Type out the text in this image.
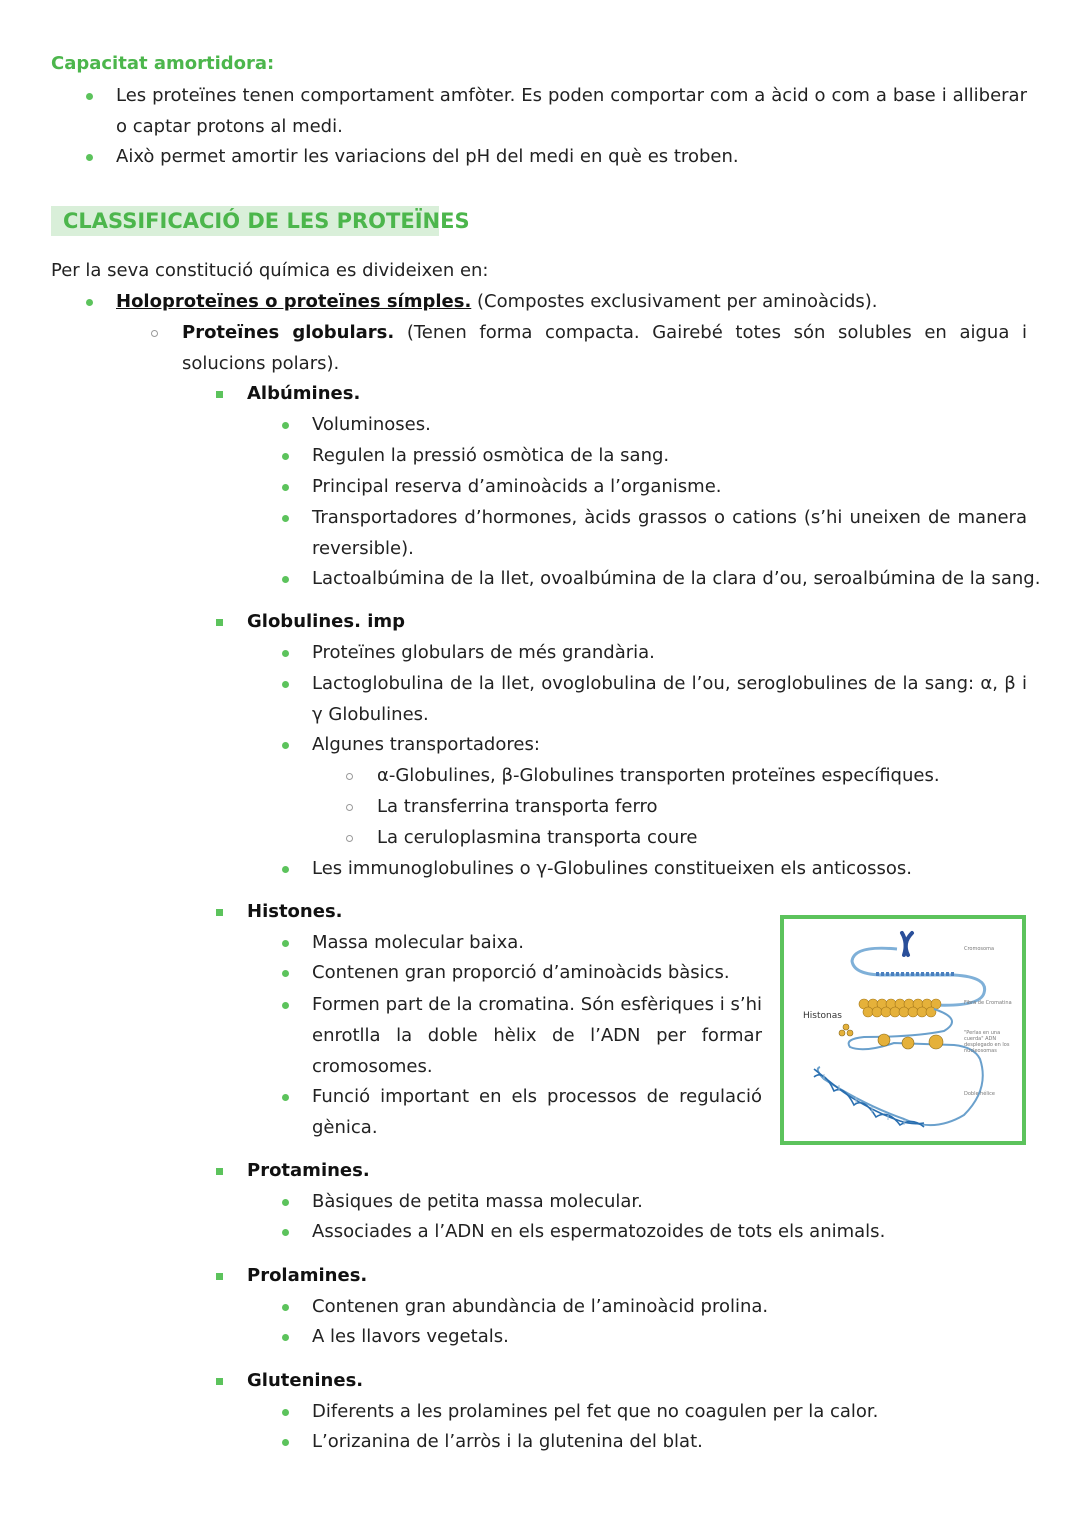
Capacitat amortidora:
Les proteïnes tenen comportament amfòter. Es poden comportar com a àcid o com a base i alliberar o captar protons al medi.
Això permet amortir les variacions del pH del medi en què es troben.
CLASSIFICACIÓ DE LES PROTEÏNES
Per la seva constitució química es divideixen en:
Holoproteïnes o proteïnes símples. (Compostes exclusivament per aminoàcids).
Proteïnes globulars. (Tenen forma compacta. Gairebé totes són solubles en aigua i solucions polars).
Albúmines.
Voluminoses.
Regulen la pressió osmòtica de la sang.
Principal reserva d’aminoàcids a l’organisme.
Transportadores d’hormones, àcids grassos o cations (s’hi uneixen de manera reversible).
Lactoalbúmina de la llet, ovoalbúmina de la clara d’ou, seroalbúmina de la sang.
Globulines. imp
Proteïnes globulars de més grandària.
Lactoglobulina de la llet, ovoglobulina de l’ou, seroglobulines de la sang: α, β i γ Globulines.
Algunes transportadores:
α-Globulines, β-Globulines transporten proteïnes específiques.
La transferrina transporta ferro
La ceruloplasmina transporta coure
Les immunoglobulines o γ-Globulines constitueixen els anticossos.
Histones.
Massa molecular baixa.
Contenen gran proporció d’aminoàcids bàsics.
Formen part de la cromatina. Són esfèriques i s’hi enrotlla la doble hèlix de l’ADN per formar cromosomes.
Funció important en els processos de regulació gènica.
Cromosoma
Fibra de Cromatina
"Perlas en una cuerda" ADN desplegado en los nucleosomas
Doble hélice
Histonas
Protamines.
Bàsiques de petita massa molecular.
Associades a l’ADN en els espermatozoides de tots els animals.
Prolamines.
Contenen gran abundància de l’aminoàcid prolina.
A les llavors vegetals.
Glutenines.
Diferents a les prolamines pel fet que no coagulen per la calor.
L’orizanina de l’arròs i la glutenina del blat.
